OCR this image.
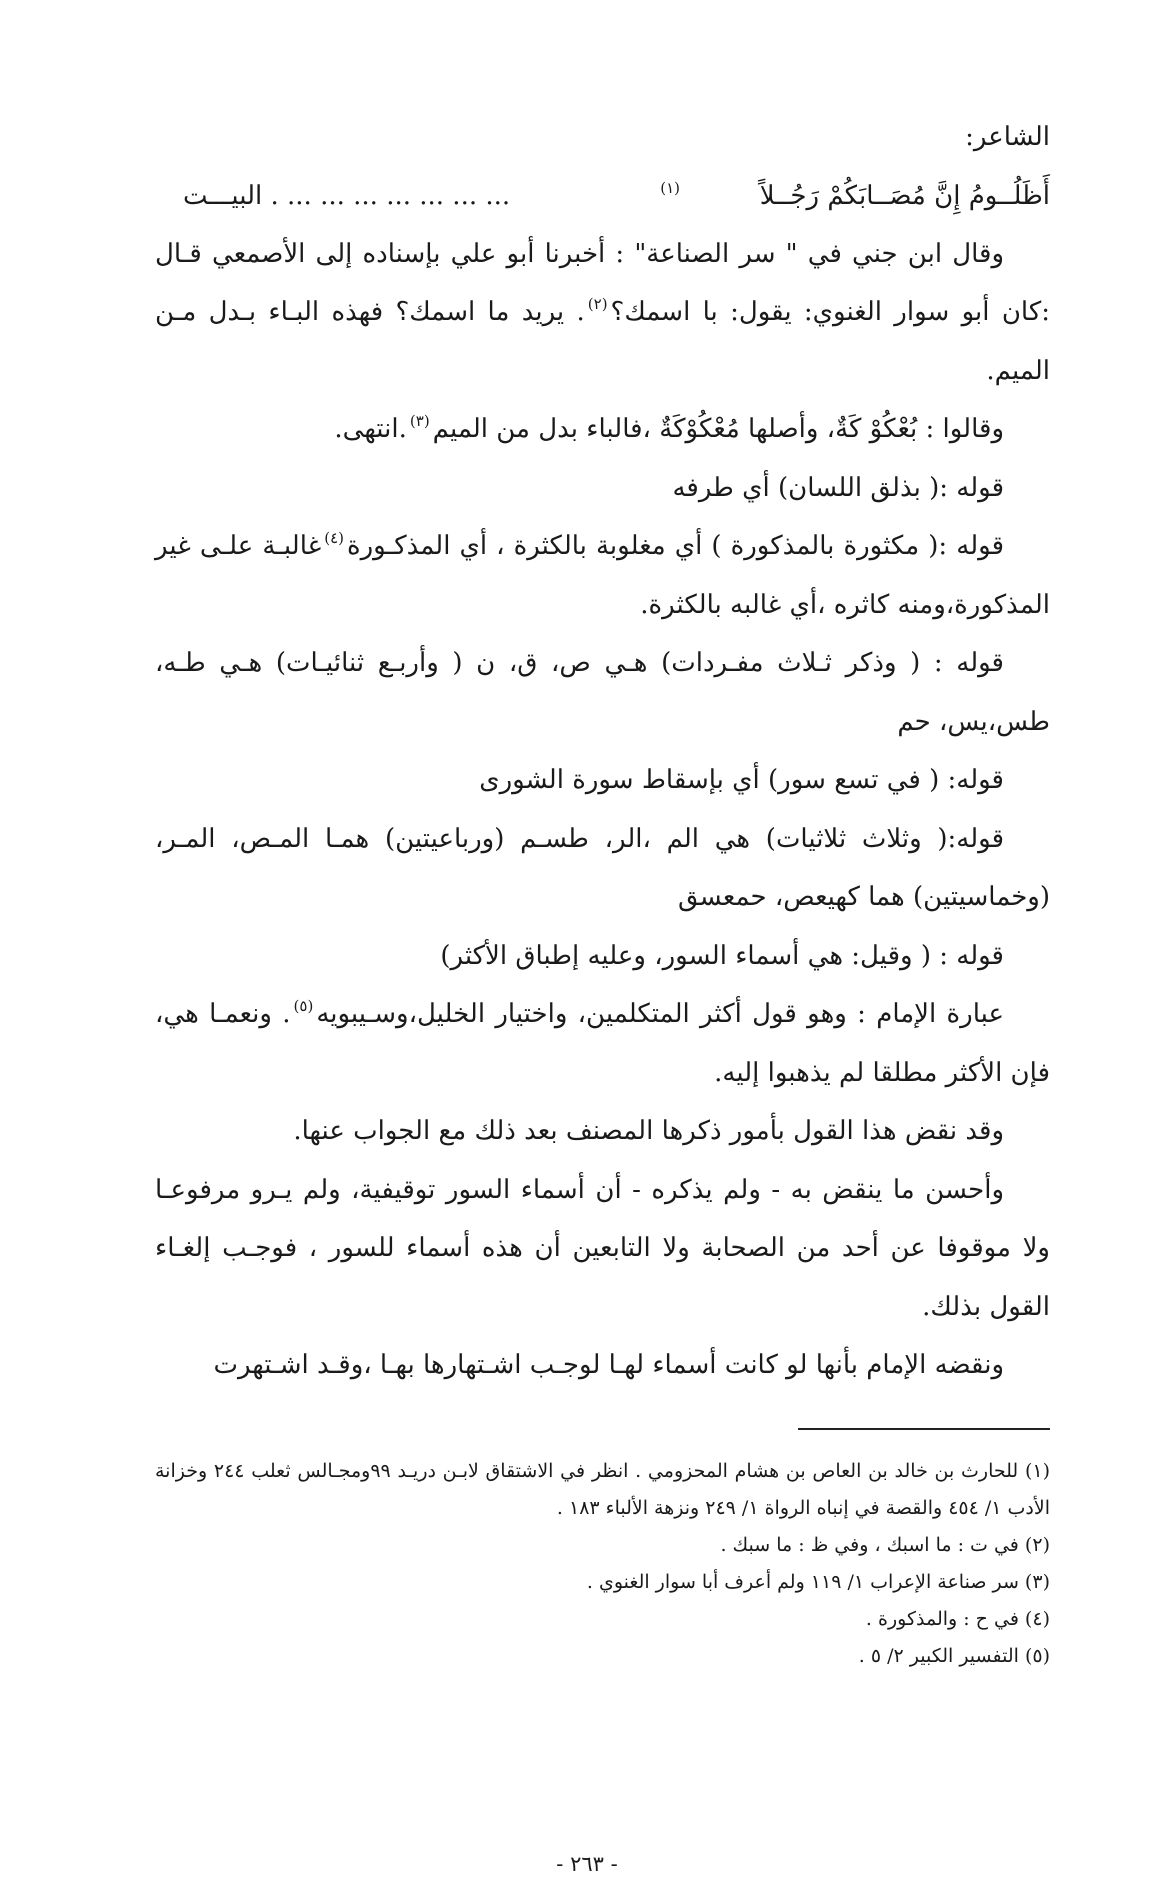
الشاعر:

أَظَلُــومُ إِنَّ مُصَــابَكُمْ رَجُــلاً
(١)
... ... ... ... ... ... ... . البيـــت

وقال ابن جني في " سر الصناعة" : أخبرنا أبو علي بإسناده إلى الأصمعي قـال :كان أبو سوار الغنوي: يقول: با اسمك؟$^{(٢)}$. يريد ما اسمك؟ فهذه البـاء بـدل مـن الميم.

وقالوا : بُعْكُوْ كَةٌ، وأصلها مُعْكُوْكَةٌ ،فالباء بدل من الميم$^{(٣)}$.انتهى.

قوله :( بذلق اللسان) أي طرفه

قوله :( مكثورة بالمذكورة ) أي مغلوبة بالكثرة ، أي المذكـورة$^{(٤)}$غالبـة علـى غير المذكورة،ومنه كاثره ،أي غالبه بالكثرة.

قوله : ( وذكر ثـلاث مفـردات) هـي ص، ق، ن ( وأربـع ثنائيـات) هـي طـه، طس،يس، حم

قوله: ( في تسع سور) أي بإسقاط سورة الشورى

قوله:( وثلاث ثلاثيات) هي الم ،الر، طسـم (ورباعيتين) همـا المـص، المـر، (وخماسيتين) هما كهيعص، حمعسق

قوله : ( وقيل: هي أسماء السور، وعليه إطباق الأكثر)

عبارة الإمام : وهو قول أكثر المتكلمين، واختيار الخليل،وسـيبويه$^{(٥)}$. ونعمـا هي، فإن الأكثر مطلقا لم يذهبوا إليه.

وقد نقض هذا القول بأمور ذكرها المصنف بعد ذلك مع الجواب عنها.

وأحسن ما ينقض به - ولم يذكره - أن أسماء السور توقيفية، ولم يـرو مرفوعـا ولا موقوفا عن أحد من الصحابة ولا التابعين أن هذه أسماء للسور ، فوجـب إلغـاء القول بذلك.

ونقضه الإمام بأنها لو كانت أسماء لهـا لوجـب اشـتهارها بهـا ،وقـد اشـتهرت

(١) للحارث بن خالد بن العاص بن هشام المحزومي . انظر في الاشتقاق لابـن دريـد ٩٩ومجـالس ثعلب ٢٤٤ وخزانة الأدب ١/ ٤٥٤ والقصة في إنباه الرواة ١/ ٢٤٩ ونزهة الألباء ١٨٣ .

(٢) في ت : ما اسبك ، وفي ظ : ما سبك .

(٣) سر صناعة الإعراب ١/ ١١٩ ولم أعرف أبا سوار الغنوي .

(٤) في ح : والمذكورة .

(٥) التفسير الكبير ٢/ ٥ .

- ٢٦٣ -
